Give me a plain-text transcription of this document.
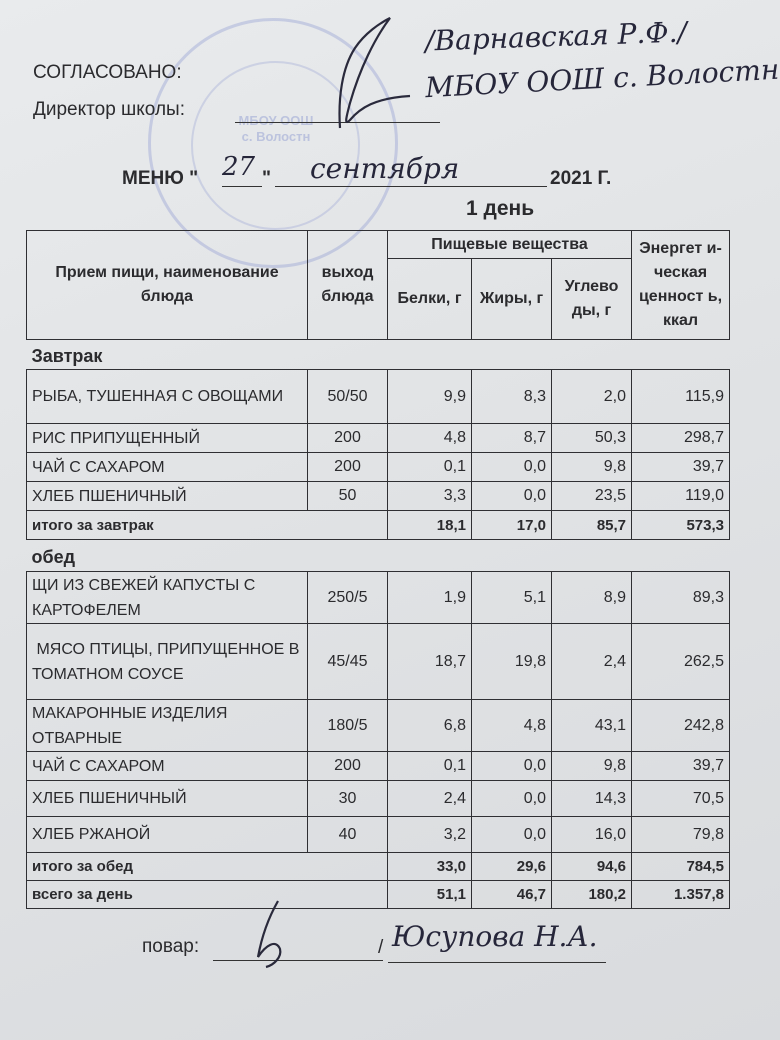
МБОУ ООШ
с. Волостн
СОГЛАСОВАНО:
Директор школы:
/Варнавская Р.Ф./
МБОУ ООШ с. Волостн
МЕНЮ " 27 " сентября	2021 Г.
1 день
Прием пищи, наименование блюда	выход блюда	Пищевые вещества			Энергет и-ческая ценност ь, ккал
		Белки, г	Жиры, г	Углево ды, г	
Завтрак					
РЫБА, ТУШЕННАЯ С ОВОЩАМИ	50/50	9,9	8,3	2,0	115,9
РИС ПРИПУЩЕННЫЙ	200	4,8	8,7	50,3	298,7
ЧАЙ С САХАРОМ	200	0,1	0,0	9,8	39,7
ХЛЕБ ПШЕНИЧНЫЙ	50	3,3	0,0	23,5	119,0
итого за завтрак		18,1	17,0	85,7	573,3
обед					
ЩИ ИЗ СВЕЖЕЙ КАПУСТЫ С КАРТОФЕЛЕМ	250/5	1,9	5,1	8,9	89,3
МЯСО ПТИЦЫ, ПРИПУЩЕННОЕ В ТОМАТНОМ СОУСЕ	45/45	18,7	19,8	2,4	262,5
МАКАРОННЫЕ ИЗДЕЛИЯ ОТВАРНЫЕ	180/5	6,8	4,8	43,1	242,8
ЧАЙ С САХАРОМ	200	0,1	0,0	9,8	39,7
ХЛЕБ ПШЕНИЧНЫЙ	30	2,4	0,0	14,3	70,5
ХЛЕБ РЖАНОЙ	40	3,2	0,0	16,0	79,8
итого за обед		33,0	29,6	94,6	784,5
всего за день		51,1	46,7	180,2	1.357,8
повар:	/ Юсупова Н.А.
